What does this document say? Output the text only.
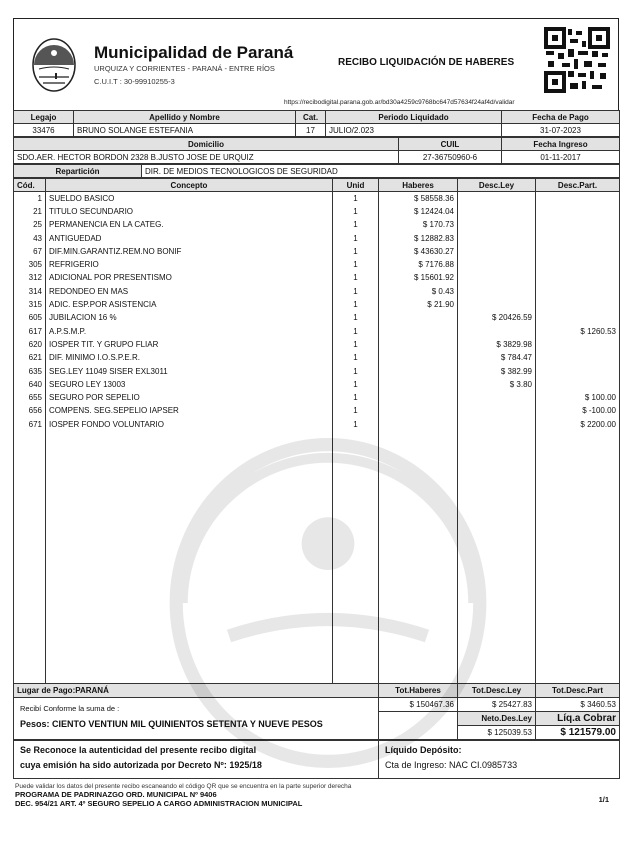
Municipalidad de Paraná
URQUIZA Y CORRIENTES - PARANÁ - ENTRE RÍOS
C.U.I.T : 30-99910255-3
RECIBO LIQUIDACIÓN DE HABERES
https://recibodigital.parana.gob.ar/bd30a4259c9768bc647d57634f24af4d/validar
Legajo	Apellido y Nombre	Cat.	Periodo Liquidado	Fecha de Pago
33476	BRUNO SOLANGE ESTEFANIA	17	JULIO/2.023	31-07-2023
Domicilio	CUIL	Fecha Ingreso
SDO.AER. HECTOR BORDON 2328 B.JUSTO JOSE DE URQUIZ	27-36750960-6	01-11-2017
Repartición	DIR. DE MEDIOS TECNOLOGICOS DE SEGURIDAD
Cód.	Concepto	Unid	Haberes	Desc.Ley	Desc.Part.
1	SUELDO BASICO	1	$ 58558.36		
21	TITULO SECUNDARIO	1	$ 12424.04		
25	PERMANENCIA EN LA CATEG.	1	$ 170.73		
43	ANTIGUEDAD	1	$ 12882.83		
67	DIF.MIN.GARANTIZ.REM.NO BONIF	1	$ 43630.27		
305	REFRIGERIO	1	$ 7176.88		
312	ADICIONAL POR PRESENTISMO	1	$ 15601.92		
314	REDONDEO EN MAS	1	$ 0.43		
315	ADIC. ESP.POR ASISTENCIA	1	$ 21.90		
605	JUBILACION 16 %	1		$ 20426.59	
617	A.P.S.M.P.	1			$ 1260.53
620	IOSPER TIT. Y GRUPO FLIAR	1		$ 3829.98	
621	DIF. MINIMO I.O.S.P.E.R.	1		$ 784.47	
635	SEG.LEY 11049 SISER EXL3011	1		$ 382.99	
640	SEGURO LEY 13003	1		$ 3.80	
655	SEGURO POR SEPELIO	1			$ 100.00
656	COMPENS. SEG.SEPELIO IAPSER	1			$ -100.00
671	IOSPER FONDO VOLUNTARIO	1			$ 2200.00

Lugar de Pago:PARANÁ	Tot.Haberes	Tot.Desc.Ley	Tot.Desc.Part

Recibí Conforme la suma de :
Pesos: CIENTO VENTIUN MIL QUINIENTOS SETENTA Y NUEVE PESOS	$ 150467.36	$ 25427.83	$ 3460.53
		Neto.Des.Ley	Líq.a Cobrar
		$ 125039.53	$ 121579.00
Se Reconoce la autenticidad del presente recibo digital
cuya emisión ha sido autorizada por Decreto Nº: 1925/18

Líquido Depósito:
Cta de Ingreso: NAC CI.0985733
Puede validar los datos del presente recibo escaneando el código QR que se encuentra en la parte superior derecha
PROGRAMA DE PADRINAZGO ORD. MUNICIPAL Nº 9406
DEC. 954/21 ART. 4º SEGURO SEPELIO A CARGO ADMINISTRACION MUNICIPAL	1/1
